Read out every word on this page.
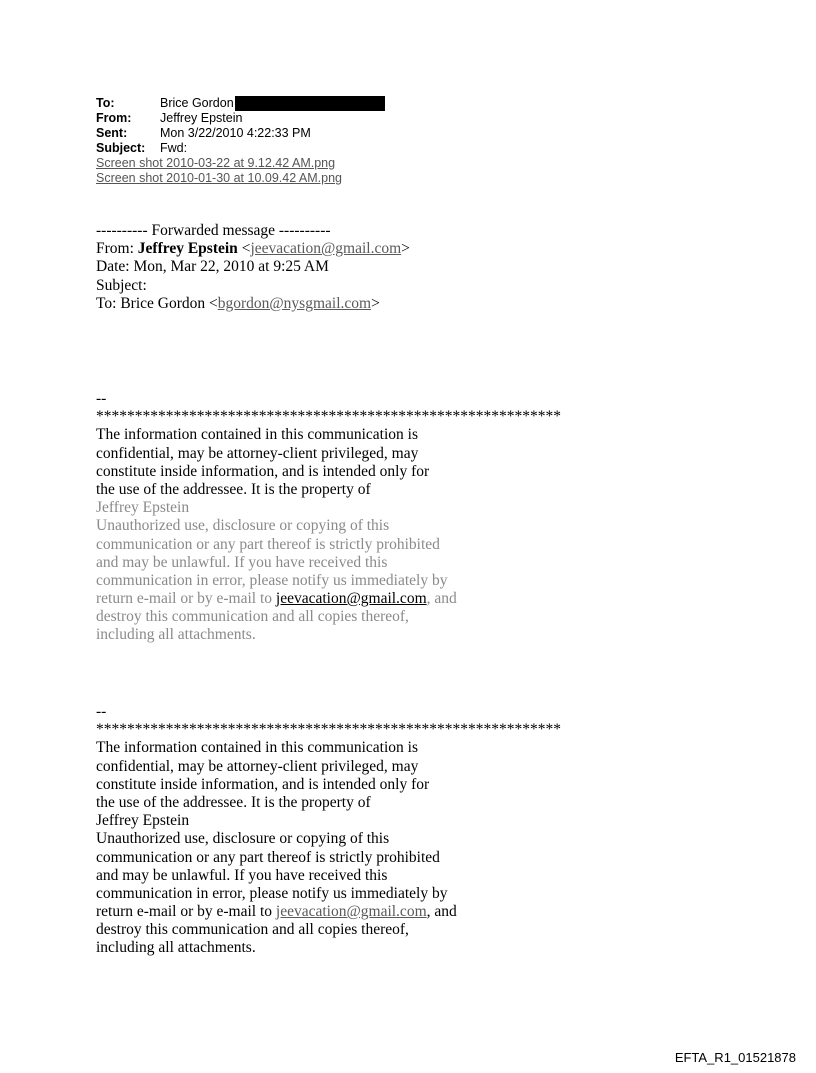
To:	Brice Gordon
From:	Jeffrey Epstein
Sent:	Mon 3/22/2010 4:22:33 PM
Subject:	Fwd:
Screen shot 2010-03-22 at 9.12.42 AM.png
Screen shot 2010-01-30 at 10.09.42 AM.png
---------- Forwarded message ----------
From: Jeffrey Epstein <jeevacation@gmail.com>
Date: Mon, Mar 22, 2010 at 9:25 AM
Subject:
To: Brice Gordon <bgordon@nysgmail.com>
--
************************************************************
The information contained in this communication is
confidential, may be attorney-client privileged, may
constitute inside information, and is intended only for
the use of the addressee. It is the property of
Jeffrey Epstein
Unauthorized use, disclosure or copying of this
communication or any part thereof is strictly prohibited
and may be unlawful. If you have received this
communication in error, please notify us immediately by
return e-mail or by e-mail to jeevacation@gmail.com, and
destroy this communication and all copies thereof,
including all attachments.
--
************************************************************
The information contained in this communication is
confidential, may be attorney-client privileged, may
constitute inside information, and is intended only for
the use of the addressee. It is the property of
Jeffrey Epstein
Unauthorized use, disclosure or copying of this
communication or any part thereof is strictly prohibited
and may be unlawful. If you have received this
communication in error, please notify us immediately by
return e-mail or by e-mail to jeevacation@gmail.com, and
destroy this communication and all copies thereof,
including all attachments.
EFTA_R1_01521878
